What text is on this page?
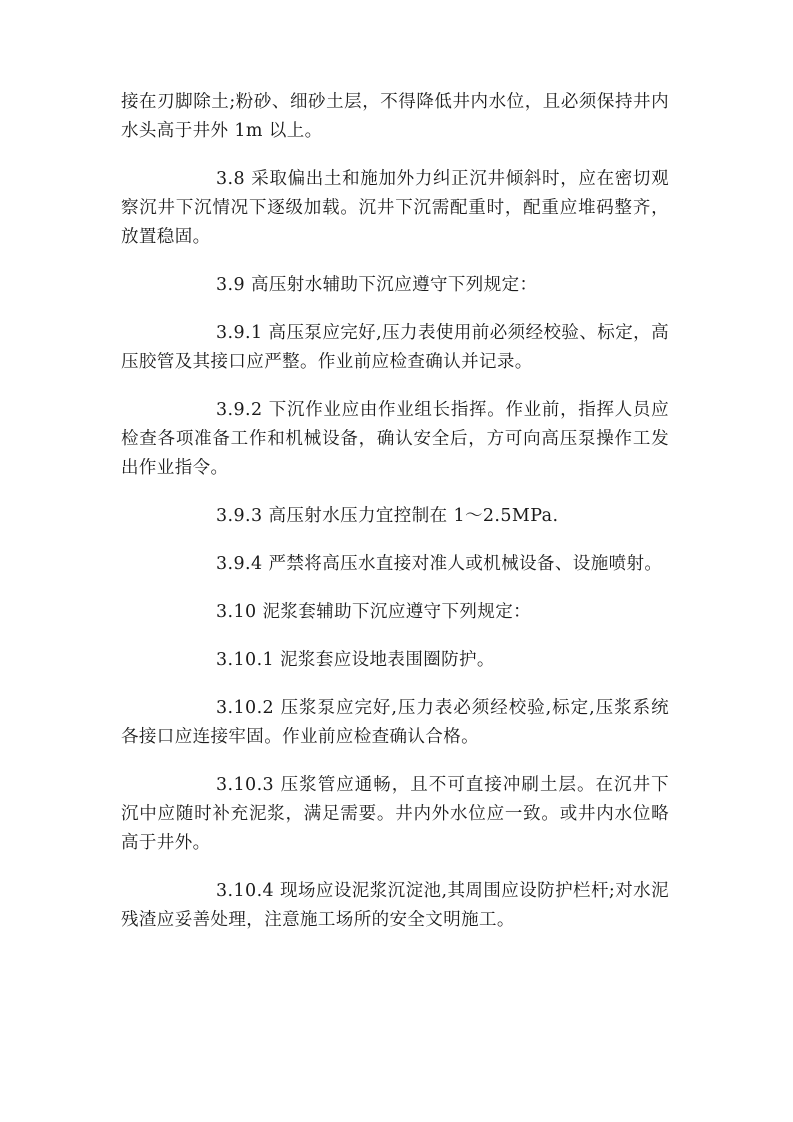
接在刃脚除土;粉砂、细砂土层，不得降低井内水位，且必须保持井内水头高于井外 1m 以上。

3.8 采取偏出土和施加外力纠正沉井倾斜时，应在密切观察沉井下沉情况下逐级加载。沉井下沉需配重时，配重应堆码整齐，放置稳固。

3.9 高压射水辅助下沉应遵守下列规定：

3.9.1 高压泵应完好,压力表使用前必须经校验、标定，高压胶管及其接口应严整。作业前应检查确认并记录。

3.9.2 下沉作业应由作业组长指挥。作业前，指挥人员应检查各项准备工作和机械设备，确认安全后，方可向高压泵操作工发出作业指令。

3.9.3 高压射水压力宜控制在 1～2.5MPa.

3.9.4 严禁将高压水直接对准人或机械设备、设施喷射。

3.10 泥浆套辅助下沉应遵守下列规定：

3.10.1 泥浆套应设地表围圈防护。

3.10.2 压浆泵应完好,压力表必须经校验,标定,压浆系统各接口应连接牢固。作业前应检查确认合格。

3.10.3 压浆管应通畅，且不可直接冲刷土层。在沉井下沉中应随时补充泥浆，满足需要。井内外水位应一致。或井内水位略高于井外。

3.10.4 现场应设泥浆沉淀池,其周围应设防护栏杆;对水泥残渣应妥善处理，注意施工场所的安全文明施工。
